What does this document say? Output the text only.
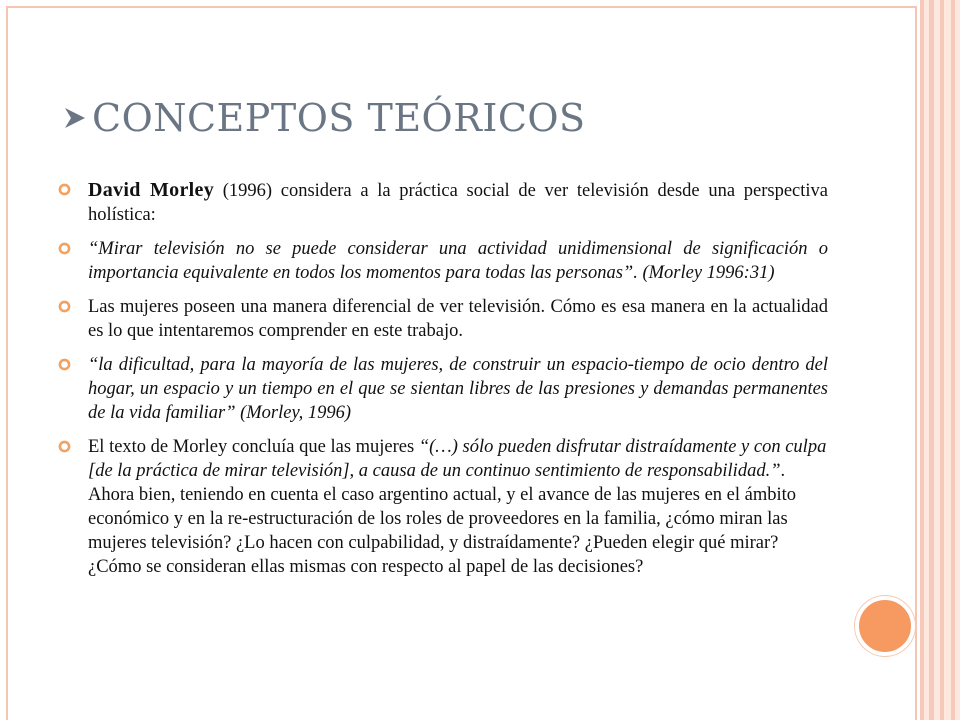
CONCEPTOS TEÓRICOS
David Morley (1996) considera a la práctica social de ver televisión desde una perspectiva holística:
“Mirar televisión no se puede considerar una actividad unidimensional de significación o importancia equivalente en todos los momentos para todas las personas”. (Morley 1996:31)
Las mujeres poseen una manera diferencial de ver televisión. Cómo es esa manera en la actualidad es lo que intentaremos comprender en este trabajo.
“la dificultad, para la mayoría de las mujeres, de construir un espacio-tiempo de ocio dentro del hogar, un espacio y un tiempo en el que se sientan libres de las presiones y demandas permanentes de la vida familiar” (Morley, 1996)
El texto de Morley concluía que las mujeres “(…) sólo pueden disfrutar distraídamente y con culpa [de la práctica de mirar televisión], a causa de un continuo sentimiento de responsabilidad.”. Ahora bien, teniendo en cuenta el caso argentino actual, y el avance de las mujeres en el ámbito económico y en la re-estructuración de los roles de proveedores en la familia, ¿cómo miran las mujeres televisión? ¿Lo hacen con culpabilidad, y distraídamente? ¿Pueden elegir qué mirar? ¿Cómo se consideran ellas mismas con respecto al papel de las decisiones?
